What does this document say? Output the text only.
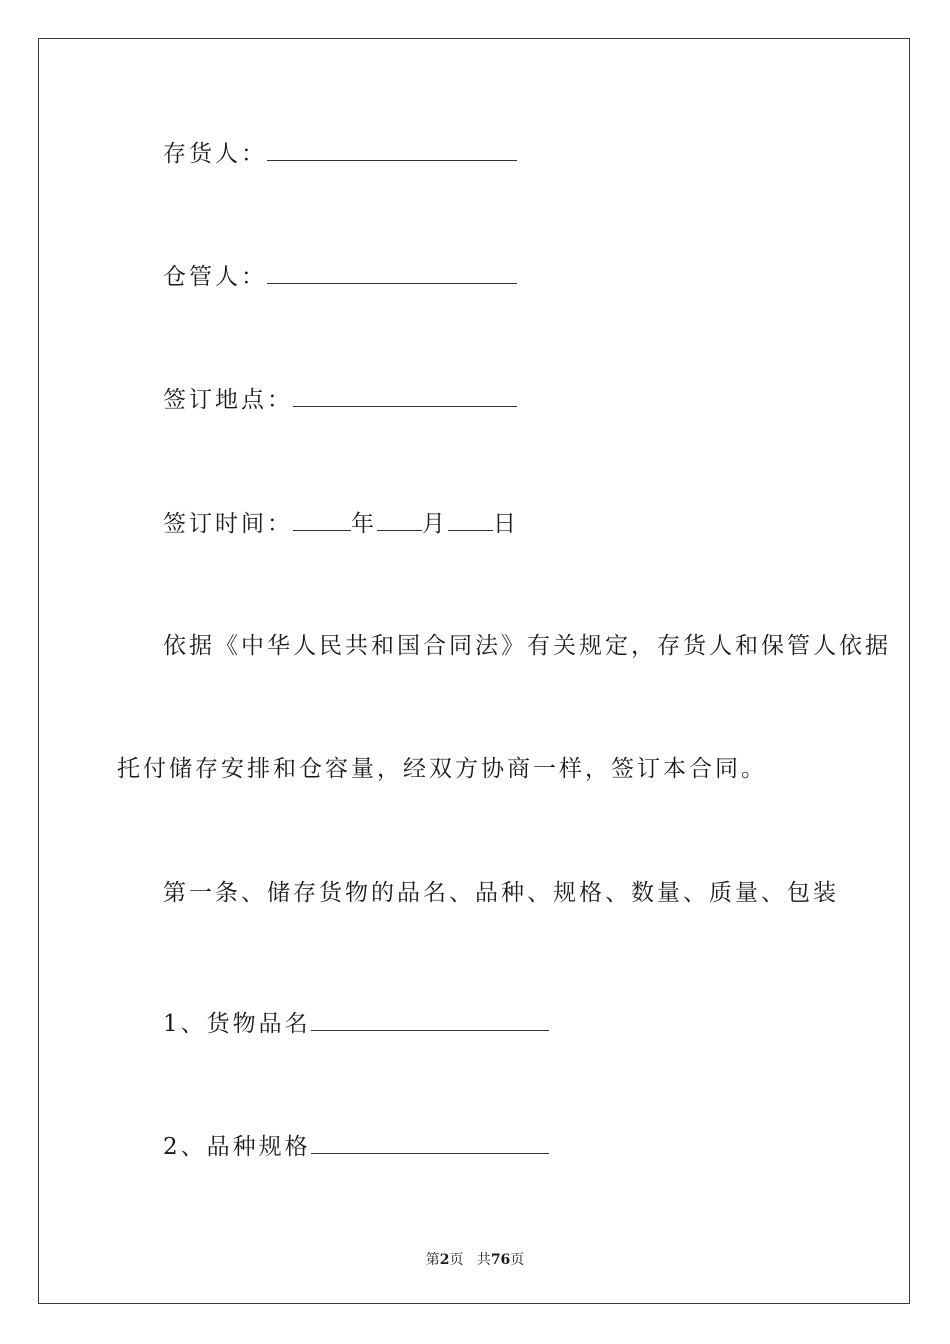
存货人：
仓管人：
签订地点：
签订时间：	年 月 日
依据《中华人民共和国合同法》有关规定，存货人和保管人依据
托付储存安排和仓容量，经双方协商一样，签订本合同。
第一条、储存货物的品名、品种、规格、数量、质量、包装
1、货物品名
2、品种规格
第2页 共76页
